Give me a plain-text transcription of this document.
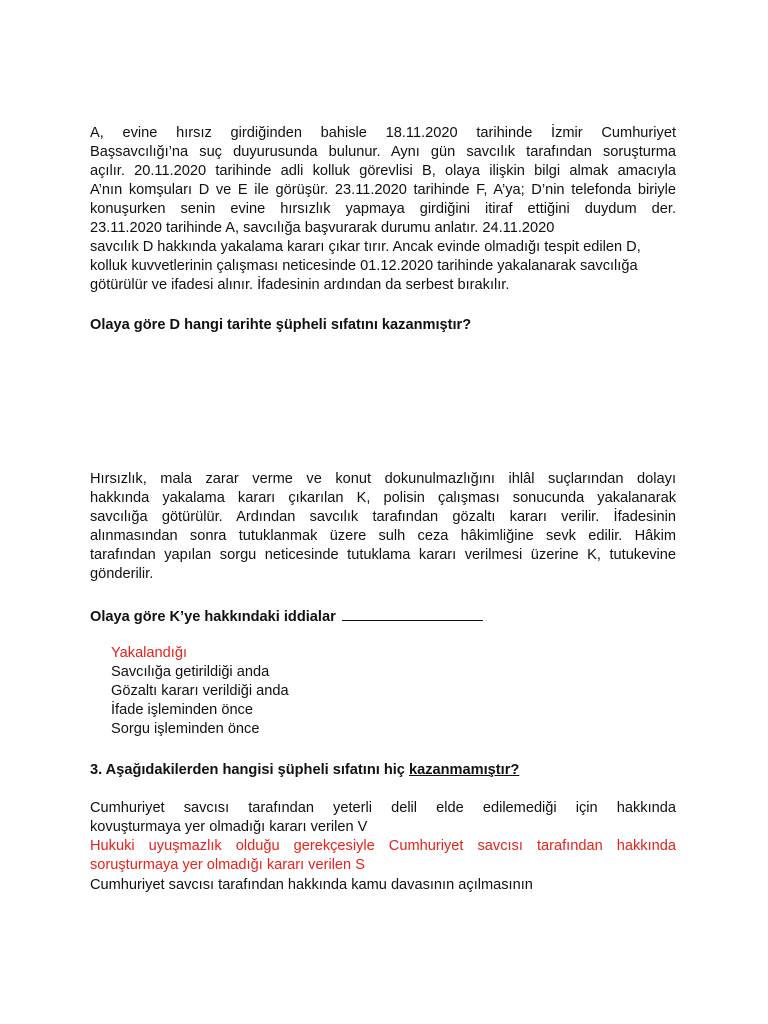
A, evine hırsız girdiğinden bahisle 18.11.2020 tarihinde İzmir Cumhuriyet
Başsavcılığı’na suç duyurusunda bulunur. Aynı gün savcılık tarafından soruşturma
açılır. 20.11.2020 tarihinde adli kolluk görevlisi B, olaya ilişkin bilgi almak amacıyla
A’nın komşuları D ve E ile görüşür. 23.11.2020 tarihinde F, A’ya; D’nin telefonda biriyle
konuşurken senin evine hırsızlık yapmaya girdiğini itiraf ettiğini duydum der.
23.11.2020 tarihinde A, savcılığa başvurarak durumu anlatır. 24.11.2020
savcılık D hakkında yakalama kararı çıkar tırır. Ancak evinde olmadığı tespit edilen D,
kolluk kuvvetlerinin çalışması neticesinde 01.12.2020 tarihinde yakalanarak savcılığa
götürülür ve ifadesi alınır. İfadesinin ardından da serbest bırakılır.
Olaya göre D hangi tarihte şüpheli sıfatını kazanmıştır?
Hırsızlık, mala zarar verme ve konut dokunulmazlığını ihlâl suçlarından dolayı
hakkında yakalama kararı çıkarılan K, polisin çalışması sonucunda yakalanarak
savcılığa götürülür. Ardından savcılık tarafından gözaltı kararı verilir. İfadesinin
alınmasından sonra tutuklanmak üzere sulh ceza hâkimliğine sevk edilir. Hâkim
tarafından yapılan sorgu neticesinde tutuklama kararı verilmesi üzerine K, tutukevine
gönderilir.
Olaya göre K’ye hakkındaki iddialar
Yakalandığı
Savcılığa getirildiği anda
Gözaltı kararı verildiği anda
İfade işleminden önce
Sorgu işleminden önce
3. Aşağıdakilerden hangisi şüpheli sıfatını hiç kazanmamıştır?
Cumhuriyet savcısı tarafından yeterli delil elde edilemediği için hakkında
kovuşturmaya yer olmadığı kararı verilen V
Hukuki uyuşmazlık olduğu gerekçesiyle Cumhuriyet savcısı tarafından hakkında
soruşturmaya yer olmadığı kararı verilen S
Cumhuriyet savcısı tarafından hakkında kamu davasının açılmasının
